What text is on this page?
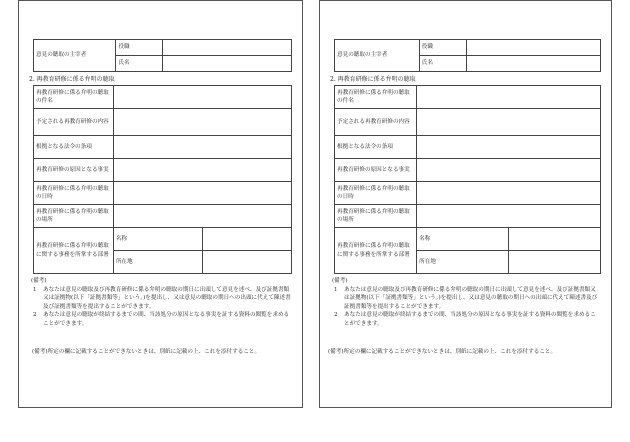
意見の聴取の主宰者	役職	
	氏名	
2. 再教育研修に係る弁明の聴取
再教育研修に係る弁明の聴取の件名		
予定される再教育研修の内容		
根拠となる法令の条項		
再教育研修の原因となる事実		
再教育研修に係る弁明の聴取の日時		
再教育研修に係る弁明の聴取の場所		
再教育研修に係る弁明の聴取に関する事務を所掌する部署	名称	
	所在地	
(備考)
1	あなたは意見の聴取及び再教育研修に係る弁明の聴取の期日に出頭して意見を述べ、及び証拠書類又は証拠物(以下「証拠書類等」という。)を提出し、又は意見の聴取の期日への出頭に代えて陳述書及び証拠書類等を提出することができます。
2	あなたは意見の聴取が終結するまでの間、当該処分の原因となる事実を証する資料の閲覧を求めることができます。
(備考)所定の欄に記載することができないときは、別紙に記載の上、これを添付すること。
意見の聴取の主宰者	役職	
	氏名	
2. 再教育研修に係る弁明の聴取
再教育研修に係る弁明の聴取の件名		
予定される再教育研修の内容		
根拠となる法令の条項		
再教育研修の原因となる事実		
再教育研修に係る弁明の聴取の日時		
再教育研修に係る弁明の聴取の場所		
再教育研修に係る弁明の聴取に関する事務を所掌する部署	名称	
	所在地	
(備考)
1	あなたは意見の聴取及び再教育研修に係る弁明の聴取の期日に出頭して意見を述べ、及び証拠書類又は証拠物(以下「証拠書類等」という。)を提出し、又は意見の聴取の期日への出頭に代えて陳述書及び証拠書類等を提出することができます。
2	あなたは意見の聴取が終結するまでの間、当該処分の原因となる事実を証する資料の閲覧を求めることができます。
(備考)所定の欄に記載することができないときは、別紙に記載の上、これを添付すること。
